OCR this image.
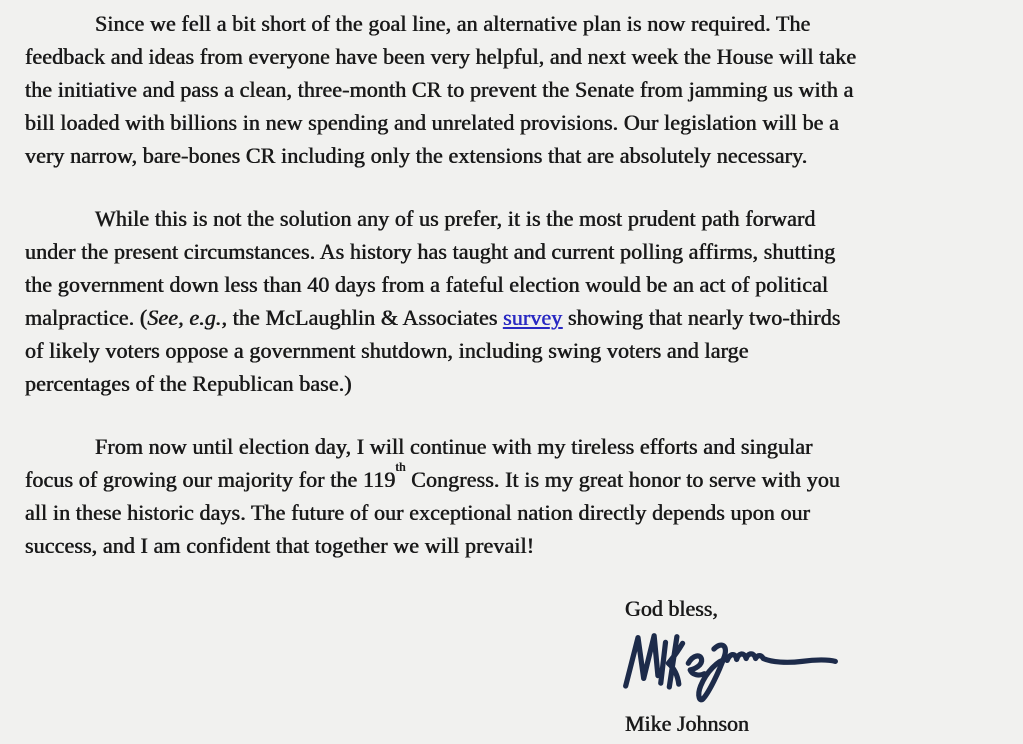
Since we fell a bit short of the goal line, an alternative plan is now required. The
feedback and ideas from everyone have been very helpful, and next week the House will take
the initiative and pass a clean, three-month CR to prevent the Senate from jamming us with a
bill loaded with billions in new spending and unrelated provisions. Our legislation will be a
very narrow, bare-bones CR including only the extensions that are absolutely necessary.
While this is not the solution any of us prefer, it is the most prudent path forward
under the present circumstances. As history has taught and current polling affirms, shutting
the government down less than 40 days from a fateful election would be an act of political
malpractice. (See, e.g., the McLaughlin & Associates survey showing that nearly two-thirds
of likely voters oppose a government shutdown, including swing voters and large
percentages of the Republican base.)
From now until election day, I will continue with my tireless efforts and singular
focus of growing our majority for the 119th Congress. It is my great honor to serve with you
all in these historic days. The future of our exceptional nation directly depends upon our
success, and I am confident that together we will prevail!
God bless,
Mike Johnson
